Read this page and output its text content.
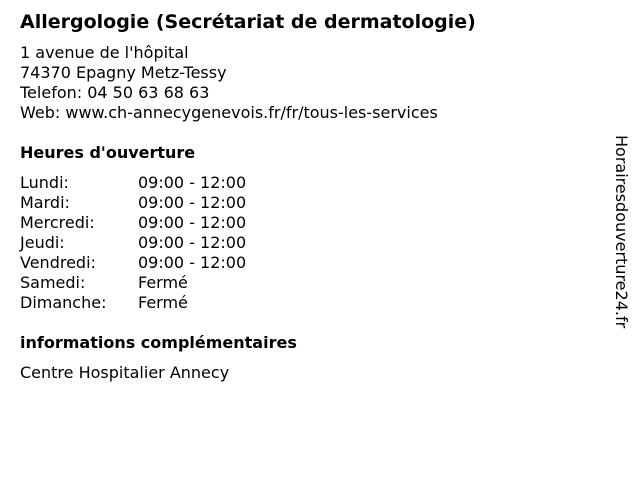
Allergologie (Secrétariat de dermatologie)
1 avenue de l'hôpital
74370 Epagny Metz-Tessy
Telefon: 04 50 63 68 63
Web: www.ch-annecygenevois.fr/fr/tous-les-services
Heures d'ouverture
Lundi:	09:00 - 12:00
Mardi:	09:00 - 12:00
Mercredi:	09:00 - 12:00
Jeudi:	09:00 - 12:00
Vendredi:	09:00 - 12:00
Samedi:	Fermé
Dimanche:	Fermé
informations complémentaires
Centre Hospitalier Annecy
Horairesdouverture24.fr
